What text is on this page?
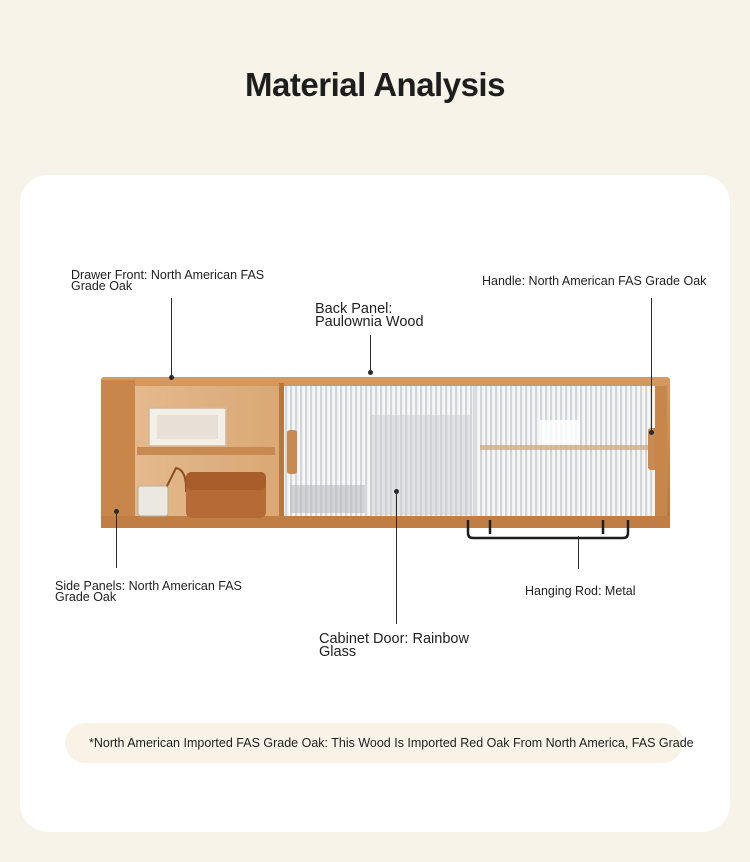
Material Analysis
Drawer Front: North American FAS
Grade Oak
Back Panel:
Paulownia Wood
Handle: North American FAS Grade Oak
Side Panels: North American FAS
Grade Oak	Hanging Rod: Metal
Cabinet Door: Rainbow
Glass
*North American Imported FAS Grade Oak: This Wood Is Imported Red Oak From North America, FAS Grade
